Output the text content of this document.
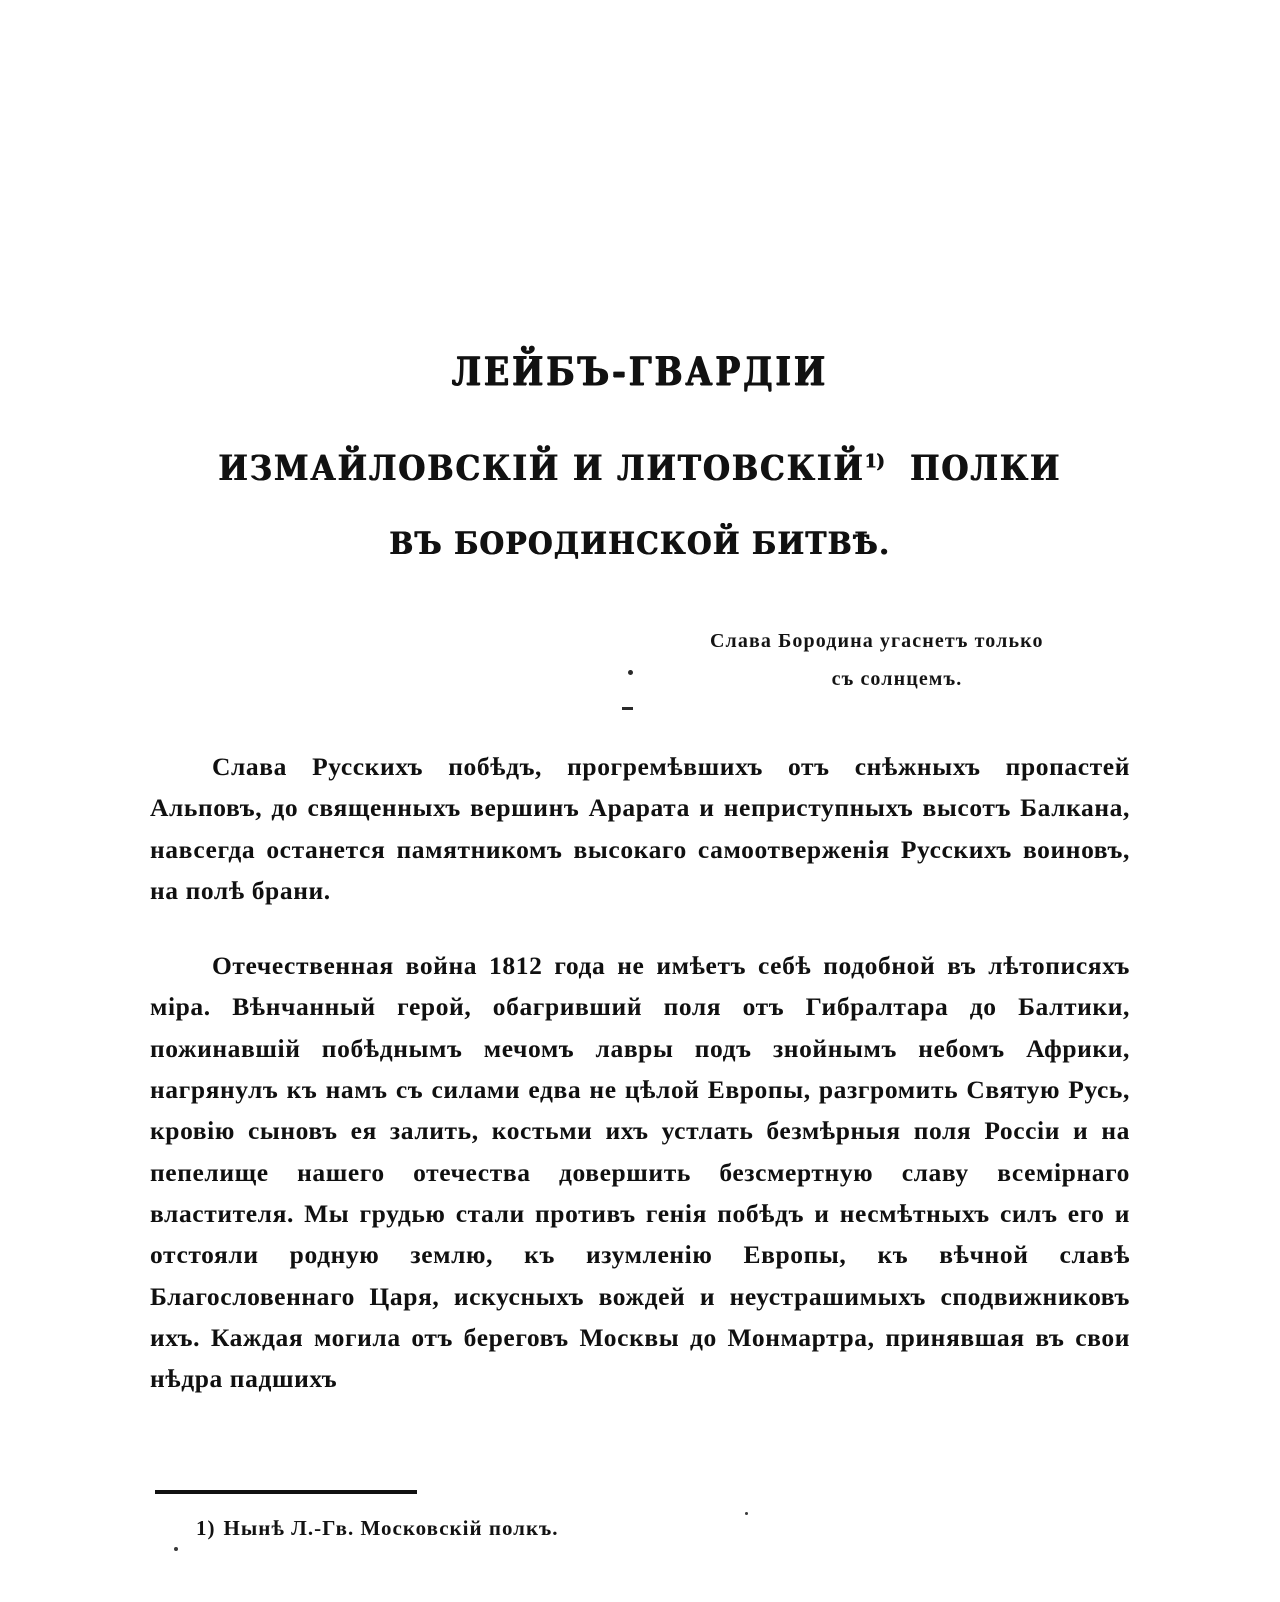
ЛЕЙБЪ-ГВАРДІИ
ИЗМАЙЛОВСКІЙ И ЛИТОВСКІЙ$^{1)}$ ПОЛКИ
ВЪ БОРОДИНСКОЙ БИТВѢ.
Слава Бородина угаснетъ только
съ солнцемъ.

Слава Русскихъ побѣдъ, прогремѣвшихъ отъ снѣжныхъ пропастей Альповъ, до священныхъ вершинъ Арарата и неприступныхъ высотъ Балкана, навсегда останется памятникомъ высокаго самоотверженія Русскихъ воиновъ, на полѣ брани.

Отечественная война 1812 года не имѣетъ себѣ подобной въ лѣтописяхъ міра. Вѣнчанный герой, обагривший поля отъ Гибралтара до Балтики, пожинавшій побѣднымъ мечомъ лавры подъ знойнымъ небомъ Африки, нагрянулъ къ намъ съ силами едва не цѣлой Европы, разгромить Святую Русь, кровію сыновъ ея залить, костьми ихъ устлать безмѣрныя поля Россіи и на пепелище нашего отечества довершить безсмертную славу всемірнаго властителя. Мы грудью стали противъ генія побѣдъ и несмѣтныхъ силъ его и отстояли родную землю, къ изумленію Европы, къ вѣчной славѣ Благословеннаго Царя, искусныхъ вождей и неустрашимыхъ сподвижниковъ ихъ. Каждая могила отъ береговъ Москвы до Монмартра, принявшая въ свои нѣдра падшихъ

1) Нынѣ Л.-Гв. Московскій полкъ.
